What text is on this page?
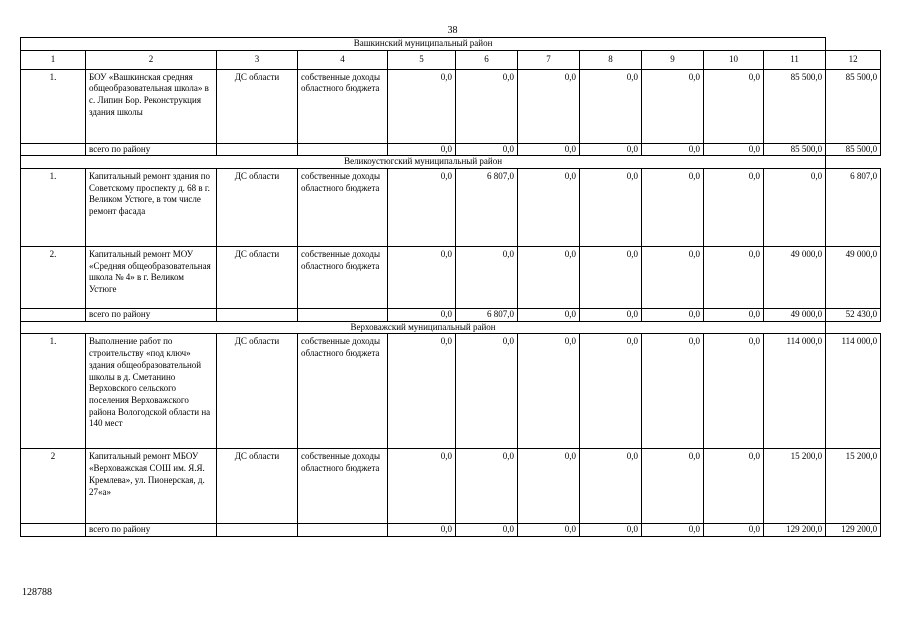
38
Вашкинский муниципальный район											
1	2	3	4	5	6	7	8	9	10	11	12
1.	БОУ «Вашкинская средняя общеобразовательная школа» в с. Липин Бор. Реконструкция здания школы	ДС области	собственные доходы областного бюджета	0,0	0,0	0,0	0,0	0,0	0,0	85 500,0	85 500,0
	всего по району			0,0	0,0	0,0	0,0	0,0	0,0	85 500,0	85 500,0
Великоустюгский муниципальный район											
1.	Капитальный ремонт здания по Советскому проспекту д. 68 в г. Великом Устюге, в том числе ремонт фасада	ДС области	собственные доходы областного бюджета	0,0	6 807,0	0,0	0,0	0,0	0,0	0,0	6 807,0
2.	Капитальный ремонт МОУ «Средняя общеобразовательная школа № 4» в г. Великом Устюге	ДС области	собственные доходы областного бюджета	0,0	0,0	0,0	0,0	0,0	0,0	49 000,0	49 000,0
	всего по району			0,0	6 807,0	0,0	0,0	0,0	0,0	49 000,0	52 430,0
Верховажский муниципальный район											
1.	Выполнение работ по строительству «под ключ» здания общеобразовательной школы в д. Сметанино Верховского сельского поселения Верховажского района Вологодской области на 140 мест	ДС области	собственные доходы областного бюджета	0,0	0,0	0,0	0,0	0,0	0,0	114 000,0	114 000,0
2	Капитальный ремонт МБОУ «Верховажская СОШ им. Я.Я. Кремлева», ул. Пионерская, д. 27«а»	ДС области	собственные доходы областного бюджета	0,0	0,0	0,0	0,0	0,0	0,0	15 200,0	15 200,0
	всего по району			0,0	0,0	0,0	0,0	0,0	0,0	129 200,0	129 200,0
128788
